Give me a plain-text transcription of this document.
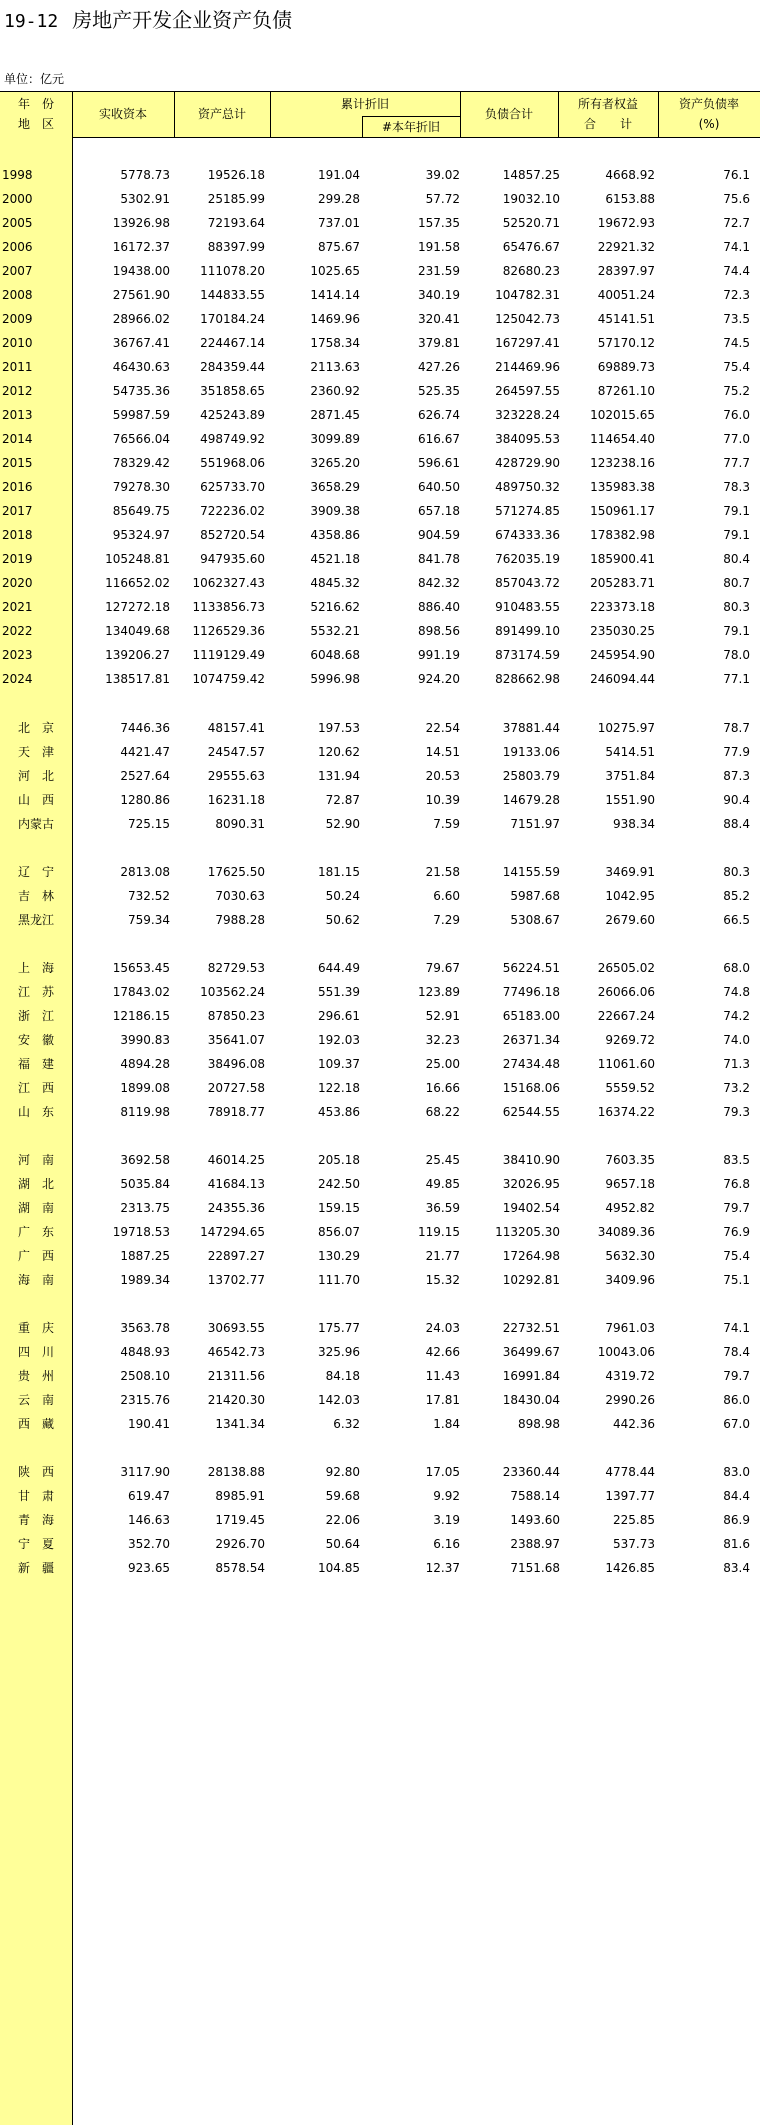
19-12 房地产开发企业资产负债
单位：亿元
年　份
地　区
实收资本	资产总计
累计折旧
#本年折旧
负债合计
所有者权益
合　　计
资产负债率
(%)
1998	5778.73	19526.18	191.04	39.02	14857.25	4668.92	76.1
2000	5302.91	25185.99	299.28	57.72	19032.10	6153.88	75.6
2005	13926.98	72193.64	737.01	157.35	52520.71	19672.93	72.7
2006	16172.37	88397.99	875.67	191.58	65476.67	22921.32	74.1
2007	19438.00	111078.20	1025.65	231.59	82680.23	28397.97	74.4
2008	27561.90	144833.55	1414.14	340.19	104782.31	40051.24	72.3
2009	28966.02	170184.24	1469.96	320.41	125042.73	45141.51	73.5
2010	36767.41	224467.14	1758.34	379.81	167297.41	57170.12	74.5
2011	46430.63	284359.44	2113.63	427.26	214469.96	69889.73	75.4
2012	54735.36	351858.65	2360.92	525.35	264597.55	87261.10	75.2
2013	59987.59	425243.89	2871.45	626.74	323228.24	102015.65	76.0
2014	76566.04	498749.92	3099.89	616.67	384095.53	114654.40	77.0
2015	78329.42	551968.06	3265.20	596.61	428729.90	123238.16	77.7
2016	79278.30	625733.70	3658.29	640.50	489750.32	135983.38	78.3
2017	85649.75	722236.02	3909.38	657.18	571274.85	150961.17	79.1
2018	95324.97	852720.54	4358.86	904.59	674333.36	178382.98	79.1
2019	105248.81	947935.60	4521.18	841.78	762035.19	185900.41	80.4
2020	116652.02 1062327.43	4845.32	842.32	857043.72	205283.71	80.7
2021	127272.18 1133856.73	5216.62	886.40	910483.55	223373.18	80.3
2022	134049.68 1126529.36	5532.21	898.56	891499.10	235030.25	79.1
2023	139206.27 1119129.49	6048.68	991.19	873174.59	245954.90	78.0
2024	138517.81 1074759.42	5996.98	924.20	828662.98	246094.44	77.1
北　京	7446.36	48157.41	197.53	22.54	37881.44	10275.97	78.7
天　津	4421.47	24547.57	120.62	14.51	19133.06	5414.51	77.9
河　北	2527.64	29555.63	131.94	20.53	25803.79	3751.84	87.3
山　西	1280.86	16231.18	72.87	10.39	14679.28	1551.90	90.4
内蒙古	725.15	8090.31	52.90	7.59	7151.97	938.34	88.4
辽　宁	2813.08	17625.50	181.15	21.58	14155.59	3469.91	80.3
吉　林	732.52	7030.63	50.24	6.60	5987.68	1042.95	85.2
黑龙江	759.34	7988.28	50.62	7.29	5308.67	2679.60	66.5
上　海	15653.45	82729.53	644.49	79.67	56224.51	26505.02	68.0
江　苏	17843.02	103562.24	551.39	123.89	77496.18	26066.06	74.8
浙　江	12186.15	87850.23	296.61	52.91	65183.00	22667.24	74.2
安　徽	3990.83	35641.07	192.03	32.23	26371.34	9269.72	74.0
福　建	4894.28	38496.08	109.37	25.00	27434.48	11061.60	71.3
江　西	1899.08	20727.58	122.18	16.66	15168.06	5559.52	73.2
山　东	8119.98	78918.77	453.86	68.22	62544.55	16374.22	79.3
河　南	3692.58	46014.25	205.18	25.45	38410.90	7603.35	83.5
湖　北	5035.84	41684.13	242.50	49.85	32026.95	9657.18	76.8
湖　南	2313.75	24355.36	159.15	36.59	19402.54	4952.82	79.7
广　东	19718.53	147294.65	856.07	119.15	113205.30	34089.36	76.9
广　西	1887.25	22897.27	130.29	21.77	17264.98	5632.30	75.4
海　南	1989.34	13702.77	111.70	15.32	10292.81	3409.96	75.1
重　庆	3563.78	30693.55	175.77	24.03	22732.51	7961.03	74.1
四　川	4848.93	46542.73	325.96	42.66	36499.67	10043.06	78.4
贵　州	2508.10	21311.56	84.18	11.43	16991.84	4319.72	79.7
云　南	2315.76	21420.30	142.03	17.81	18430.04	2990.26	86.0
西　藏	190.41	1341.34	6.32	1.84	898.98	442.36	67.0
陕　西	3117.90	28138.88	92.80	17.05	23360.44	4778.44	83.0
甘　肃	619.47	8985.91	59.68	9.92	7588.14	1397.77	84.4
青　海	146.63	1719.45	22.06	3.19	1493.60	225.85	86.9
宁　夏	352.70	2926.70	50.64	6.16	2388.97	537.73	81.6
新　疆	923.65	8578.54	104.85	12.37	7151.68	1426.85	83.4
